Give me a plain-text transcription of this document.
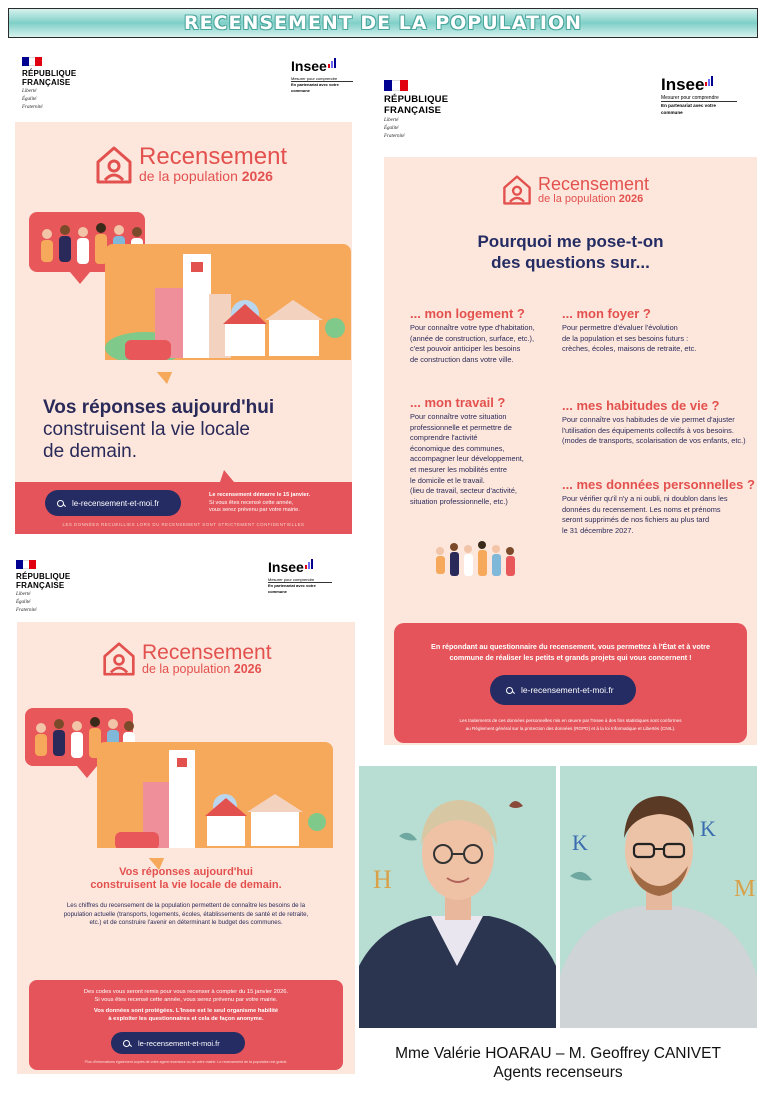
RECENSEMENT DE LA POPULATION
RÉPUBLIQUE
FRANÇAISE
Liberté
Égalité
Fraternité
Insee
Mesurer pour comprendre
En partenariat avec votre commune
Recensement
de la population 2026
Vos réponses aujourd'hui
construisent la vie locale
de demain.
le-recensement-et-moi.fr
Le recensement démarre le 15 janvier.
Si vous êtes recensé cette année,
vous serez prévenu par votre mairie.
LES DONNÉES RECUEILLIES LORS DU RECENSEMENT SONT STRICTEMENT CONFIDENTIELLES
RÉPUBLIQUE
FRANÇAISE
Liberté
Égalité
Fraternité
Insee
Mesurer pour comprendre
En partenariat avec votre commune
Recensement
de la population 2026
Vos réponses aujourd'hui
construisent la vie locale de demain.
Les chiffres du recensement de la population permettent de connaître les besoins de la
population actuelle (transports, logements, écoles, établissements de santé et de retraite,
etc.) et de construire l'avenir en déterminant le budget des communes.
Des codes vous seront remis pour vous recenser à compter du 15 janvier 2026.
Si vous êtes recensé cette année, vous serez prévenu par votre mairie.
Vos données sont protégées. L'Insee est le seul organisme habilité
à exploiter les questionnaires et cela de façon anonyme.
le-recensement-et-moi.fr
Plus d'informations également auprès de votre agent recenseur ou de votre mairie. Le recensement de la population est gratuit.
RÉPUBLIQUE
FRANÇAISE
Liberté
Égalité
Fraternité
Insee
Mesurer pour comprendre
En partenariat avec votre commune
Recensement
de la population 2026
Pourquoi me pose-t-on
des questions sur...
... mon logement ?
Pour connaître votre type d'habitation,
(année de construction, surface, etc.),
c'est pouvoir anticiper les besoins
de construction dans votre ville.
... mon foyer ?
Pour permettre d'évaluer l'évolution
de la population et ses besoins futurs :
crèches, écoles, maisons de retraite, etc.
... mon travail ?
Pour connaître votre situation
professionnelle et permettre de
comprendre l'activité
économique des communes,
accompagner leur développement,
et mesurer les mobilités entre
le domicile et le travail.
(lieu de travail, secteur d'activité,
situation professionnelle, etc.)
... mes habitudes de vie ?
Pour connaître vos habitudes de vie permet d'ajuster
l'utilisation des équipements collectifs à vos besoins.
(modes de transports, scolarisation de vos enfants, etc.)
... mes données personnelles ?
Pour vérifier qu'il n'y a ni oubli, ni doublon dans les
données du recensement. Les noms et prénoms
seront supprimés de nos fichiers au plus tard
le 31 décembre 2027.
En répondant au questionnaire du recensement, vous permettez à l'État et à votre
commune de réaliser les petits et grands projets qui vous concernent !
le-recensement-et-moi.fr
Les traitements de ces données personnelles mis en œuvre par l'Insee à des fins statistiques sont conformes
au Règlement général sur la protection des données (RGPD) et à la loi Informatique et Libertés (CNIL).
H
K
K
M
Mme Valérie HOARAU – M. Geoffrey CANIVET
Agents recenseurs
